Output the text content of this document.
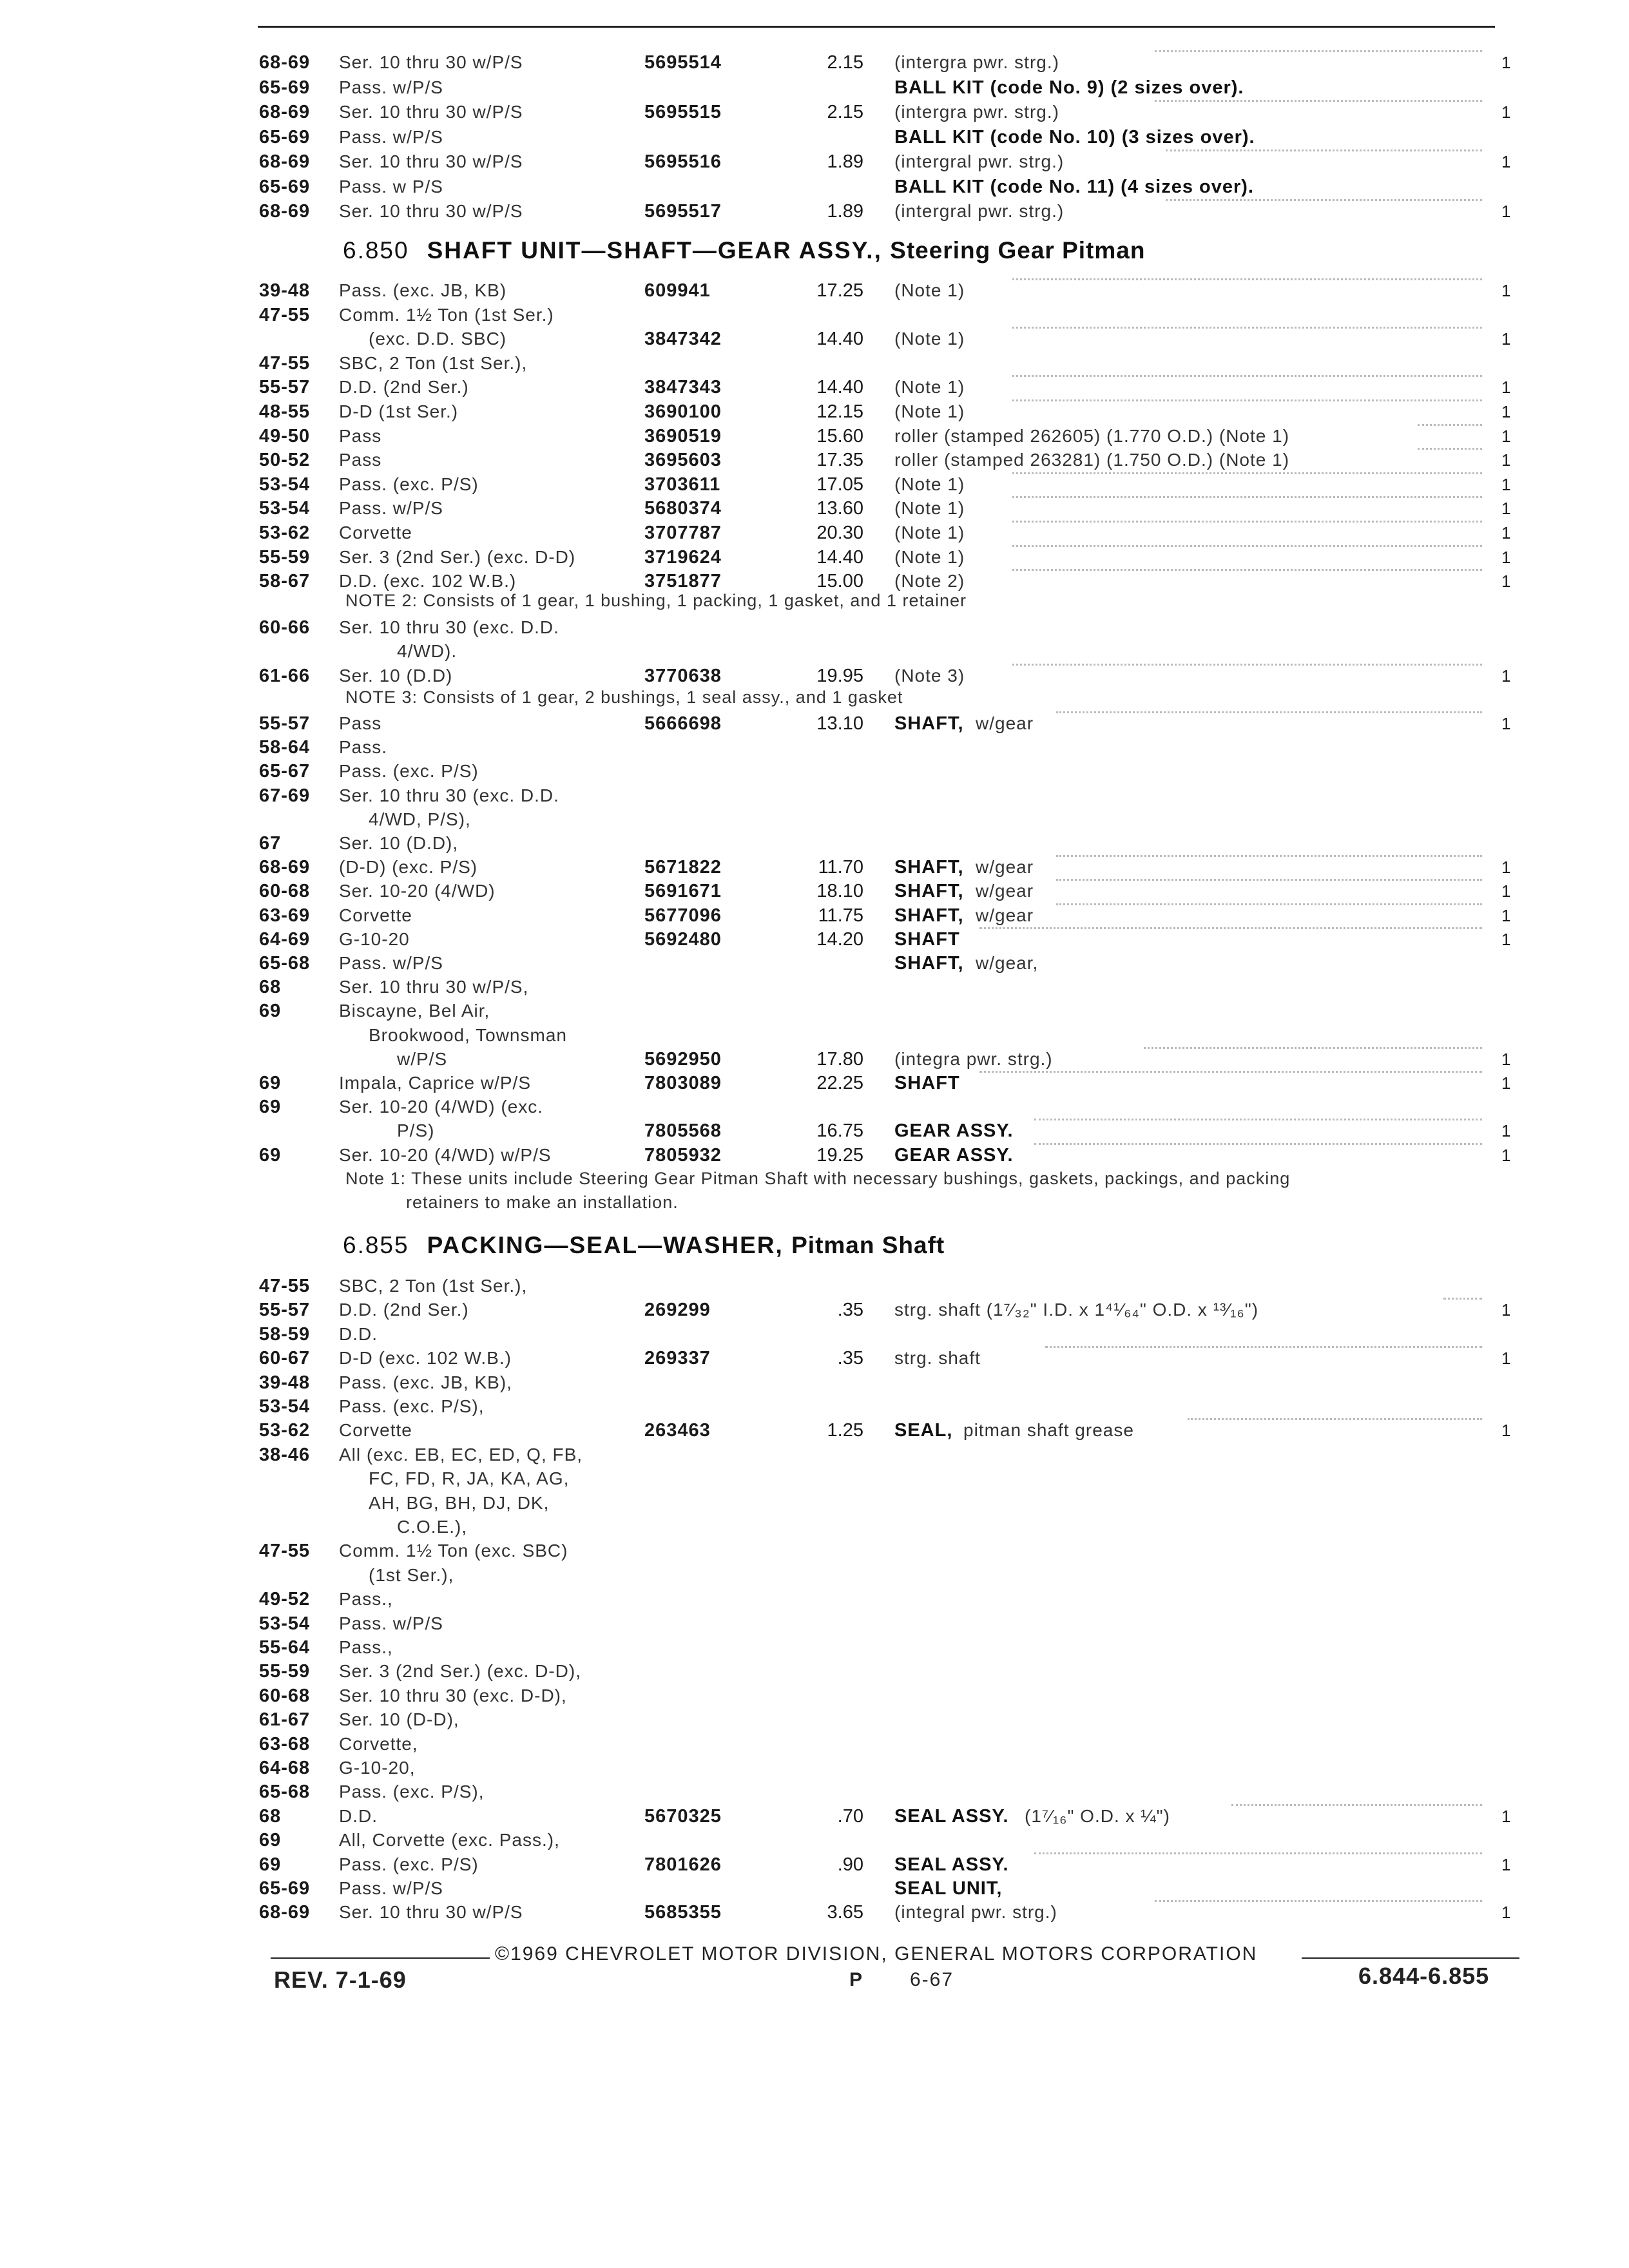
68-69 Ser. 10 thru 30 w/P/S	5695514	2.15 (intergra pwr. strg.)	1
65-69 Pass. w/P/S	BALL KIT (code No. 9) (2 sizes over).
68-69 Ser. 10 thru 30 w/P/S	5695515	2.15 (intergra pwr. strg.)	1
65-69 Pass. w/P/S	BALL KIT (code No. 10) (3 sizes over).
68-69 Ser. 10 thru 30 w/P/S	5695516	1.89 (intergral pwr. strg.)	1
65-69 Pass. w P/S	BALL KIT (code No. 11) (4 sizes over).
68-69 Ser. 10 thru 30 w/P/S	5695517	1.89 (intergral pwr. strg.)	1
6.850 SHAFT UNIT—SHAFT—GEAR ASSY., Steering Gear Pitman
39-48 Pass. (exc. JB, KB)	609941	17.25 (Note 1)	1
47-55 Comm. 1½ Ton (1st Ser.)
(exc. D.D. SBC)	3847342	14.40 (Note 1)	1
47-55 SBC, 2 Ton (1st Ser.),
55-57 D.D. (2nd Ser.)	3847343	14.40 (Note 1)	1
48-55 D-D (1st Ser.)	3690100	12.15 (Note 1)	1
49-50 Pass	3690519	15.60 roller (stamped 262605) (1.770 O.D.) (Note 1)	1
50-52 Pass	3695603	17.35 roller (stamped 263281) (1.750 O.D.) (Note 1)	1
53-54 Pass. (exc. P/S)	3703611	17.05 (Note 1)	1
53-54 Pass. w/P/S	5680374	13.60 (Note 1)	1
53-62 Corvette	3707787	20.30 (Note 1)	1
55-59 Ser. 3 (2nd Ser.) (exc. D-D)	3719624	14.40 (Note 1)	1
58-67 D.D. (exc. 102 W.B.)	3751877	15.00 (Note 2)	1
NOTE 2: Consists of 1 gear, 1 bushing, 1 packing, 1 gasket, and 1 retainer
60-66 Ser. 10 thru 30 (exc. D.D.
4/WD).
61-66 Ser. 10 (D.D)	3770638	19.95 (Note 3)	1
NOTE 3: Consists of 1 gear, 2 bushings, 1 seal assy., and 1 gasket
55-57 Pass	5666698	13.10 SHAFT, w/gear	1
58-64 Pass.
65-67 Pass. (exc. P/S)
67-69 Ser. 10 thru 30 (exc. D.D.
4/WD, P/S),
67	Ser. 10 (D.D),
68-69 (D-D) (exc. P/S)	5671822	11.70 SHAFT, w/gear	1
60-68 Ser. 10-20 (4/WD)	5691671	18.10 SHAFT, w/gear	1
63-69 Corvette	5677096	11.75 SHAFT, w/gear	1
64-69 G-10-20	5692480	14.20 SHAFT	1
65-68 Pass. w/P/S	SHAFT, w/gear,
68	Ser. 10 thru 30 w/P/S,
69	Biscayne, Bel Air,
Brookwood, Townsman
w/P/S	5692950	17.80 (integra pwr. strg.)	1
69	Impala, Caprice w/P/S	7803089	22.25 SHAFT	1
69	Ser. 10-20 (4/WD) (exc.
P/S)	7805568	16.75 GEAR ASSY.	1
69	Ser. 10-20 (4/WD) w/P/S	7805932	19.25 GEAR ASSY.	1
Note 1: These units include Steering Gear Pitman Shaft with necessary bushings, gaskets, packings, and packing
retainers to make an installation.
6.855 PACKING—SEAL—WASHER, Pitman Shaft
47-55 SBC, 2 Ton (1st Ser.),
55-57 D.D. (2nd Ser.)	269299	.35 strg. shaft (1⁷⁄₃₂" I.D. x 1⁴¹⁄₆₄" O.D. x ¹³⁄₁₆")	1
58-59 D.D.
60-67 D-D (exc. 102 W.B.)	269337	.35 strg. shaft	1
39-48 Pass. (exc. JB, KB),
53-54 Pass. (exc. P/S),
53-62 Corvette	263463	1.25 SEAL, pitman shaft grease	1
38-46 All (exc. EB, EC, ED, Q, FB,
FC, FD, R, JA, KA, AG,
AH, BG, BH, DJ, DK,
C.O.E.),
47-55 Comm. 1½ Ton (exc. SBC)
(1st Ser.),
49-52 Pass.,
53-54 Pass. w/P/S
55-64 Pass.,
55-59 Ser. 3 (2nd Ser.) (exc. D-D),
60-68 Ser. 10 thru 30 (exc. D-D),
61-67 Ser. 10 (D-D),
63-68 Corvette,
64-68 G-10-20,
65-68 Pass. (exc. P/S),
68	D.D.	5670325	.70 SEAL ASSY. (1⁷⁄₁₆" O.D. x ¼")	1
69	All, Corvette (exc. Pass.),
69	Pass. (exc. P/S)	7801626	.90 SEAL ASSY.	1
65-69 Pass. w/P/S	SEAL UNIT,
68-69 Ser. 10 thru 30 w/P/S	5685355	3.65 (integral pwr. strg.)	1
©1969 CHEVROLET MOTOR DIVISION, GENERAL MOTORS CORPORATION
REV. 7-1-69	P 6-67	6.844-6.855
